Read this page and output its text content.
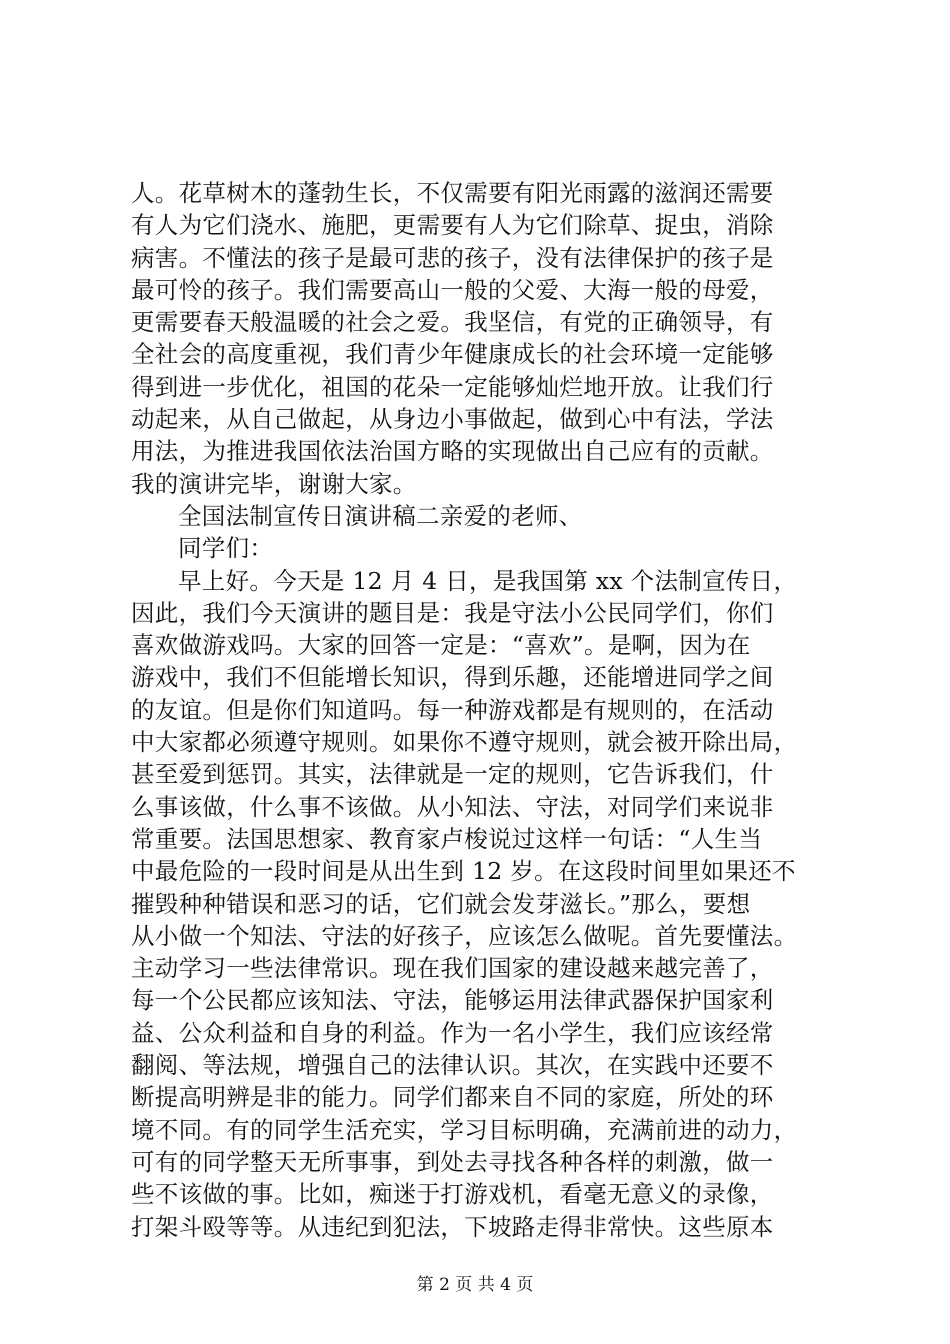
人。花草树木的蓬勃生长，不仅需要有阳光雨露的滋润还需要
有人为它们浇水、施肥，更需要有人为它们除草、捉虫，消除
病害。不懂法的孩子是最可悲的孩子，没有法律保护的孩子是
最可怜的孩子。我们需要高山一般的父爱、大海一般的母爱，
更需要春天般温暖的社会之爱。我坚信，有党的正确领导，有
全社会的高度重视，我们青少年健康成长的社会环境一定能够
得到进一步优化，祖国的花朵一定能够灿烂地开放。让我们行
动起来，从自己做起，从身边小事做起，做到心中有法，学法
用法，为推进我国依法治国方略的实现做出自己应有的贡献。
我的演讲完毕，谢谢大家。
全国法制宣传日演讲稿二亲爱的老师、
同学们：
早上好。今天是 12 月 4 日，是我国第 xx 个法制宣传日，
因此，我们今天演讲的题目是：我是守法小公民同学们，你们
喜欢做游戏吗。大家的回答一定是：“喜欢”。是啊，因为在
游戏中，我们不但能增长知识，得到乐趣，还能增进同学之间
的友谊。但是你们知道吗。每一种游戏都是有规则的，在活动
中大家都必须遵守规则。如果你不遵守规则，就会被开除出局，
甚至爱到惩罚。其实，法律就是一定的规则，它告诉我们，什
么事该做，什么事不该做。从小知法、守法，对同学们来说非
常重要。法国思想家、教育家卢梭说过这样一句话：“人生当
中最危险的一段时间是从出生到 12 岁。在这段时间里如果还不
摧毁种种错误和恶习的话，它们就会发芽滋长。”那么，要想
从小做一个知法、守法的好孩子，应该怎么做呢。首先要懂法。
主动学习一些法律常识。现在我们国家的建设越来越完善了，
每一个公民都应该知法、守法，能够运用法律武器保护国家利
益、公众利益和自身的利益。作为一名小学生，我们应该经常
翻阅、等法规，增强自己的法律认识。其次，在实践中还要不
断提高明辨是非的能力。同学们都来自不同的家庭，所处的环
境不同。有的同学生活充实，学习目标明确，充满前进的动力，
可有的同学整天无所事事，到处去寻找各种各样的刺激，做一
些不该做的事。比如，痴迷于打游戏机，看毫无意义的录像，
打架斗殴等等。从违纪到犯法，下坡路走得非常快。这些原本
第 2 页 共 4 页
